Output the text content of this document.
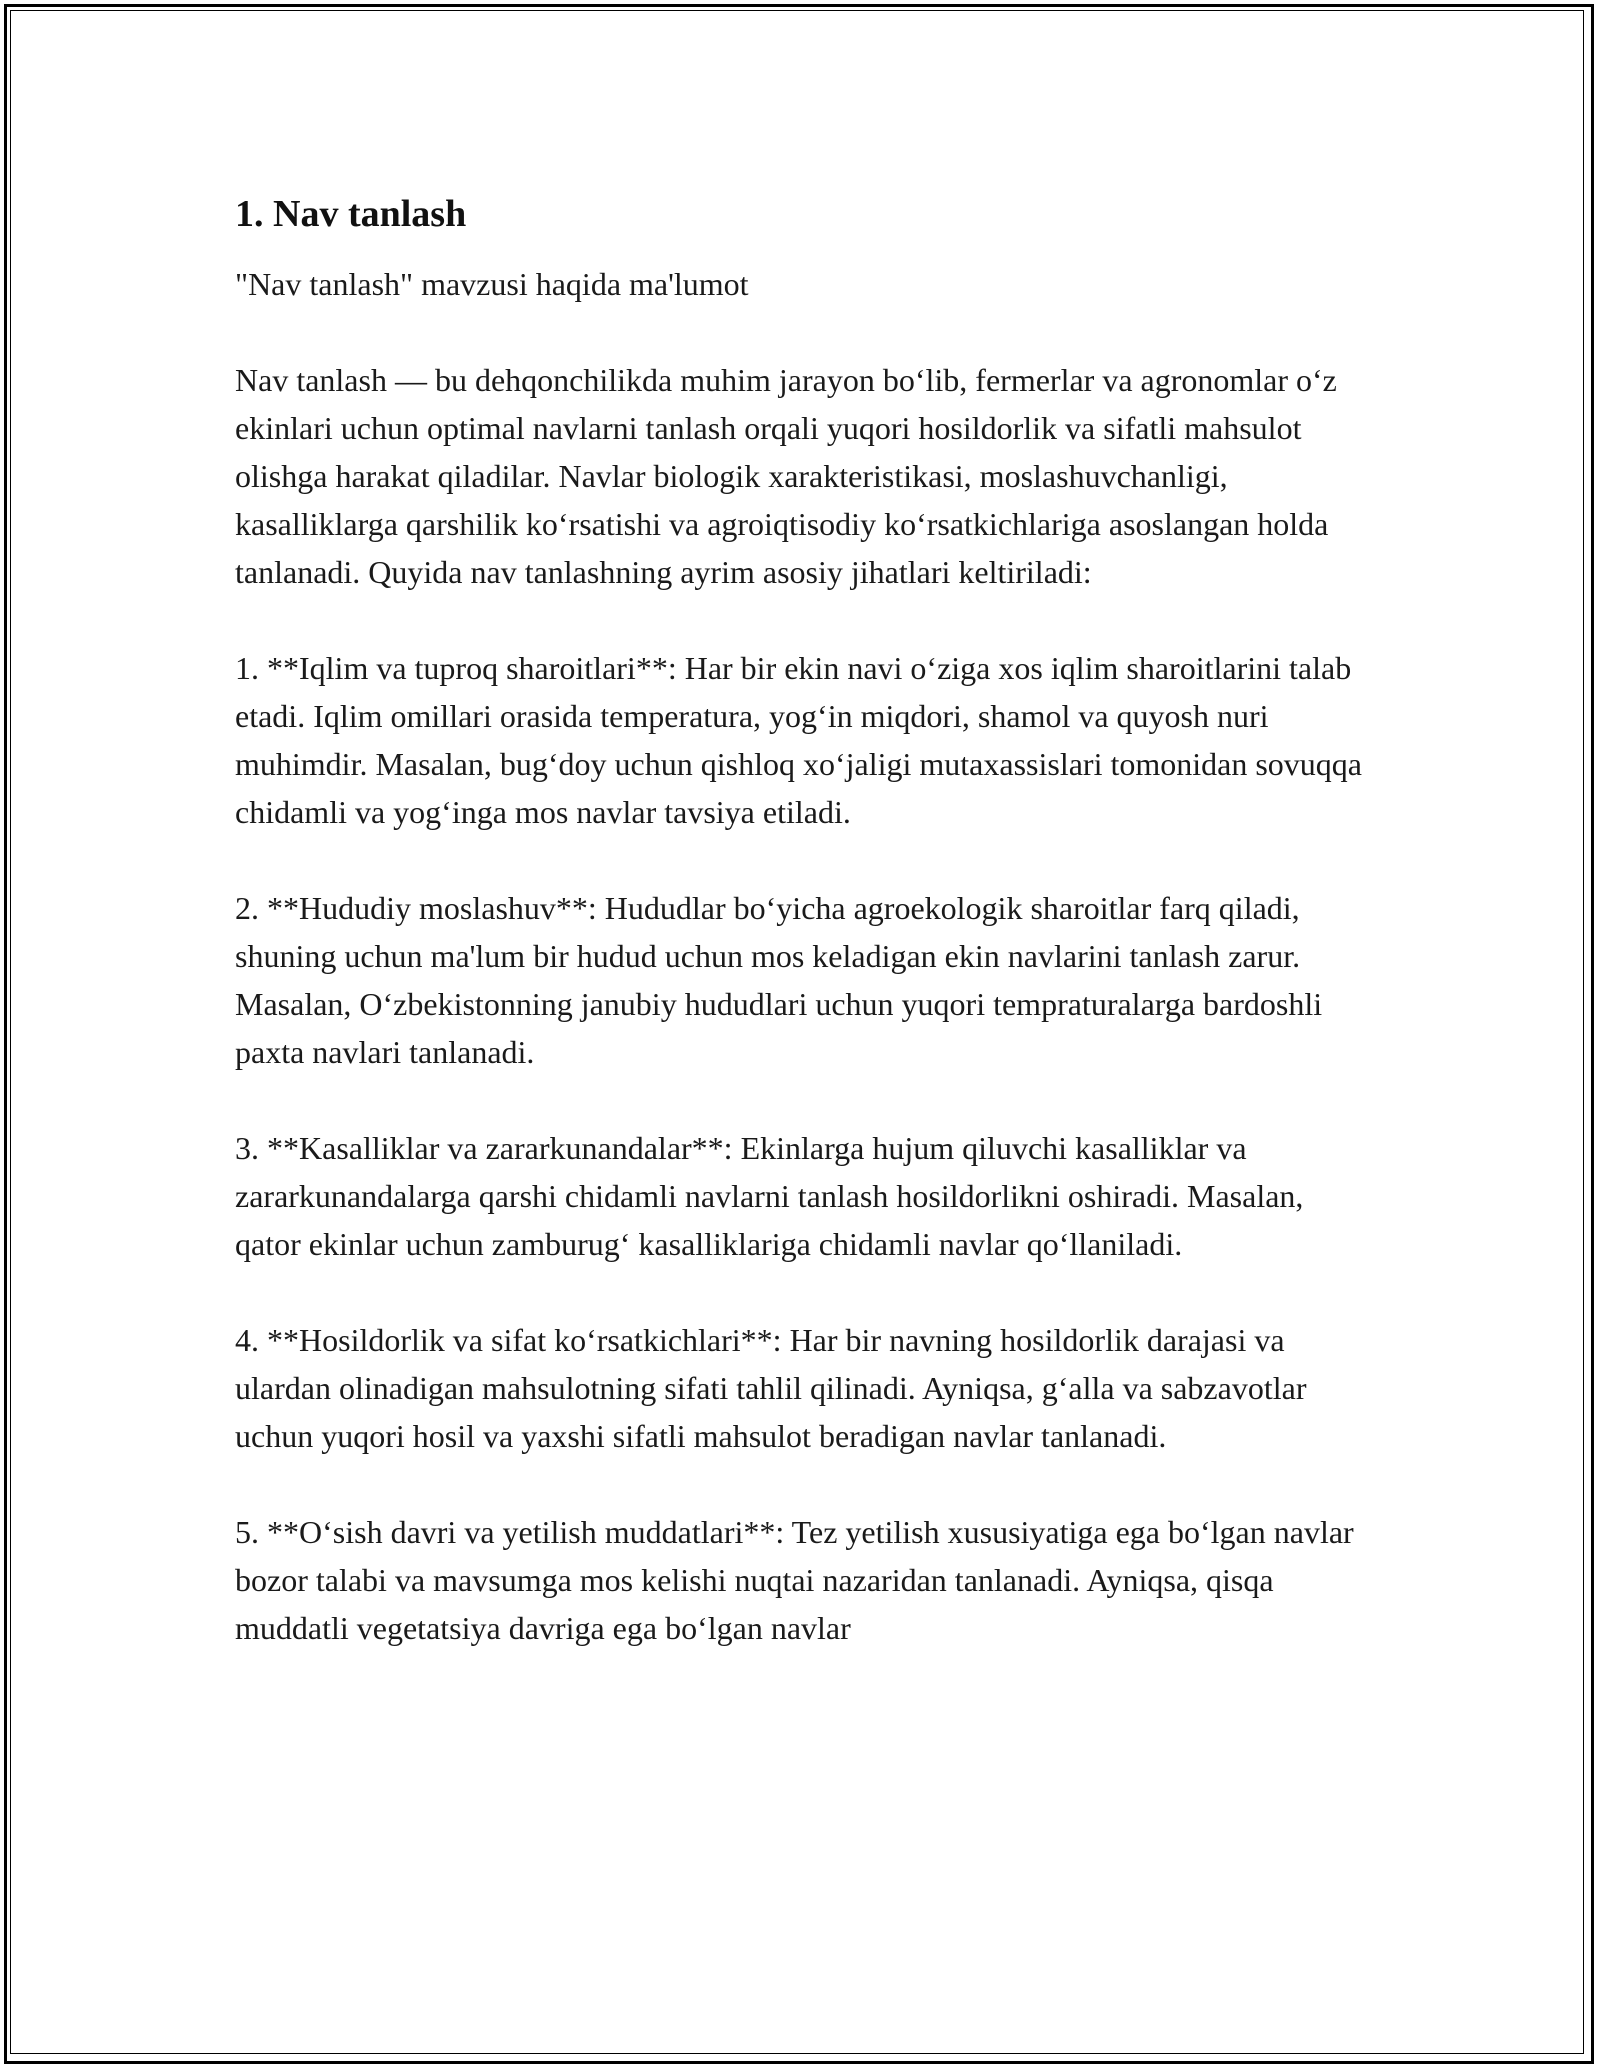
1. Nav tanlash

"Nav tanlash" mavzusi haqida ma'lumot

Nav tanlash — bu dehqonchilikda muhim jarayon bo‘lib, fermerlar va agronomlar o‘z ekinlari uchun optimal navlarni tanlash orqali yuqori hosildorlik va sifatli mahsulot olishga harakat qiladilar. Navlar biologik xarakteristikasi, moslashuvchanligi, kasalliklarga qarshilik ko‘rsatishi va agroiqtisodiy ko‘rsatkichlariga asoslangan holda tanlanadi. Quyida nav tanlashning ayrim asosiy jihatlari keltiriladi:

1. **Iqlim va tuproq sharoitlari**: Har bir ekin navi o‘ziga xos iqlim sharoitlarini talab etadi. Iqlim omillari orasida temperatura, yog‘in miqdori, shamol va quyosh nuri muhimdir. Masalan, bug‘doy uchun qishloq xo‘jaligi mutaxassislari tomonidan sovuqqa chidamli va yog‘inga mos navlar tavsiya etiladi.

2. **Hududiy moslashuv**: Hududlar bo‘yicha agroekologik sharoitlar farq qiladi, shuning uchun ma'lum bir hudud uchun mos keladigan ekin navlarini tanlash zarur. Masalan, O‘zbekistonning janubiy hududlari uchun yuqori tempraturalarga bardoshli paxta navlari tanlanadi.

3. **Kasalliklar va zararkunandalar**: Ekinlarga hujum qiluvchi kasalliklar va zararkunandalarga qarshi chidamli navlarni tanlash hosildorlikni oshiradi. Masalan, qator ekinlar uchun zamburug‘ kasalliklariga chidamli navlar qo‘llaniladi.

4. **Hosildorlik va sifat ko‘rsatkichlari**: Har bir navning hosildorlik darajasi va ulardan olinadigan mahsulotning sifati tahlil qilinadi. Ayniqsa, g‘alla va sabzavotlar uchun yuqori hosil va yaxshi sifatli mahsulot beradigan navlar tanlanadi.

5. **O‘sish davri va yetilish muddatlari**: Tez yetilish xususiyatiga ega bo‘lgan navlar bozor talabi va mavsumga mos kelishi nuqtai nazaridan tanlanadi. Ayniqsa, qisqa muddatli vegetatsiya davriga ega bo‘lgan navlar
